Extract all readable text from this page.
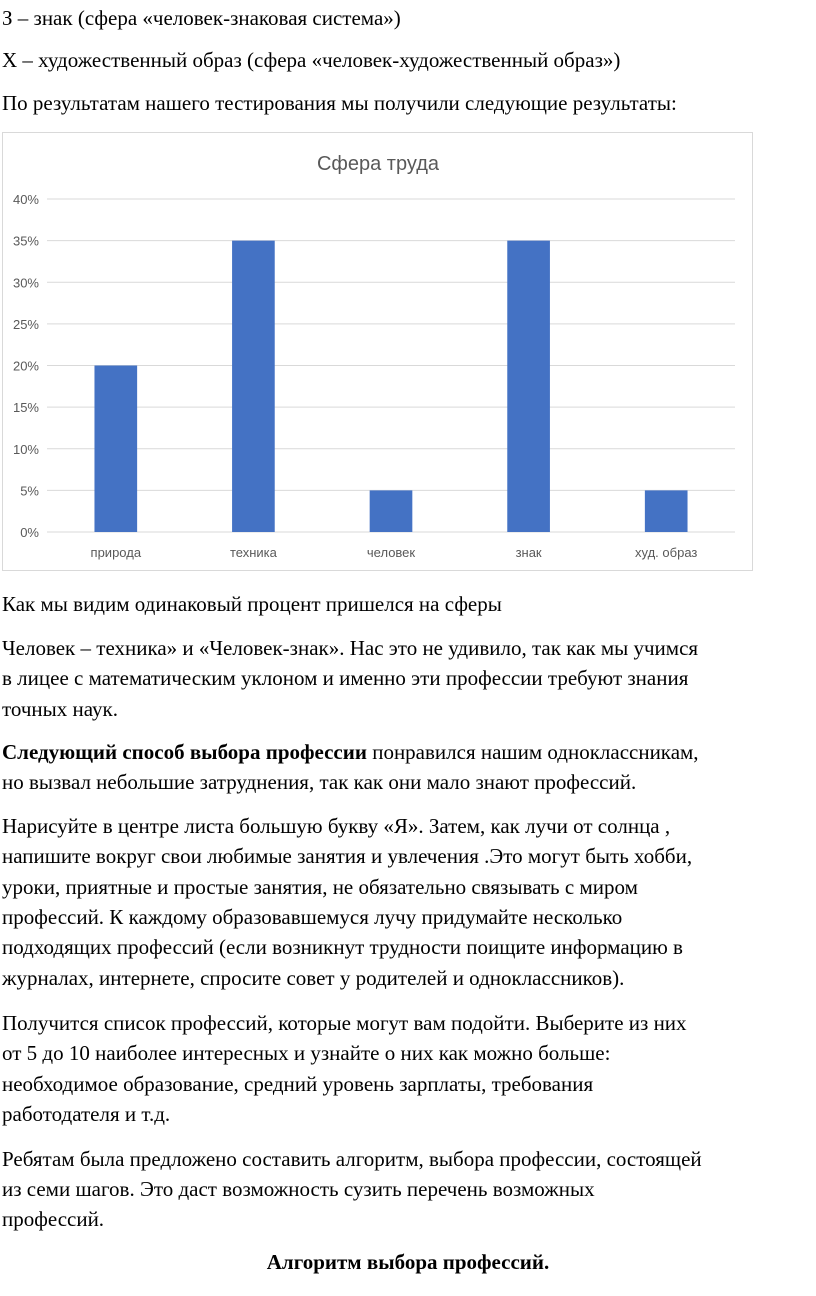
З – знак (сфера «человек-знаковая система»)

Х – художественный образ (сфера «человек-художественный образ»)

По результатам нашего тестирования мы получили следующие результаты:

Сфера труда
0%
5%
10%
15%
20%
25%
30%
35%
40%
природа	техника	человек	знак	худ. образ

Как мы видим одинаковый процент пришелся на сферы

Человек – техника» и «Человек-знак». Нас это не удивило, так как мы учимся

в лицее с математическим уклоном и именно эти профессии требуют знания

точных наук.

Следующий способ выбора профессии понравился нашим одноклассникам,

но вызвал небольшие затруднения, так как они мало знают профессий.

Нарисуйте в центре листа большую букву «Я». Затем, как лучи от солнца ,

напишите вокруг свои любимые занятия и увлечения .Это могут быть хобби,

уроки, приятные и простые занятия, не обязательно связывать с миром

профессий. К каждому образовавшемуся лучу придумайте несколько

подходящих профессий (если возникнут трудности поищите информацию в

журналах, интернете, спросите совет у родителей и одноклассников).

Получится список профессий, которые могут вам подойти. Выберите из них

от 5 до 10 наиболее интересных и узнайте о них как можно больше:

необходимое образование, средний уровень зарплаты, требования

работодателя и т.д.

Ребятам была предложено составить алгоритм, выбора профессии, состоящей

из семи шагов. Это даст возможность сузить перечень возможных

профессий.

Алгоритм выбора профессий.
